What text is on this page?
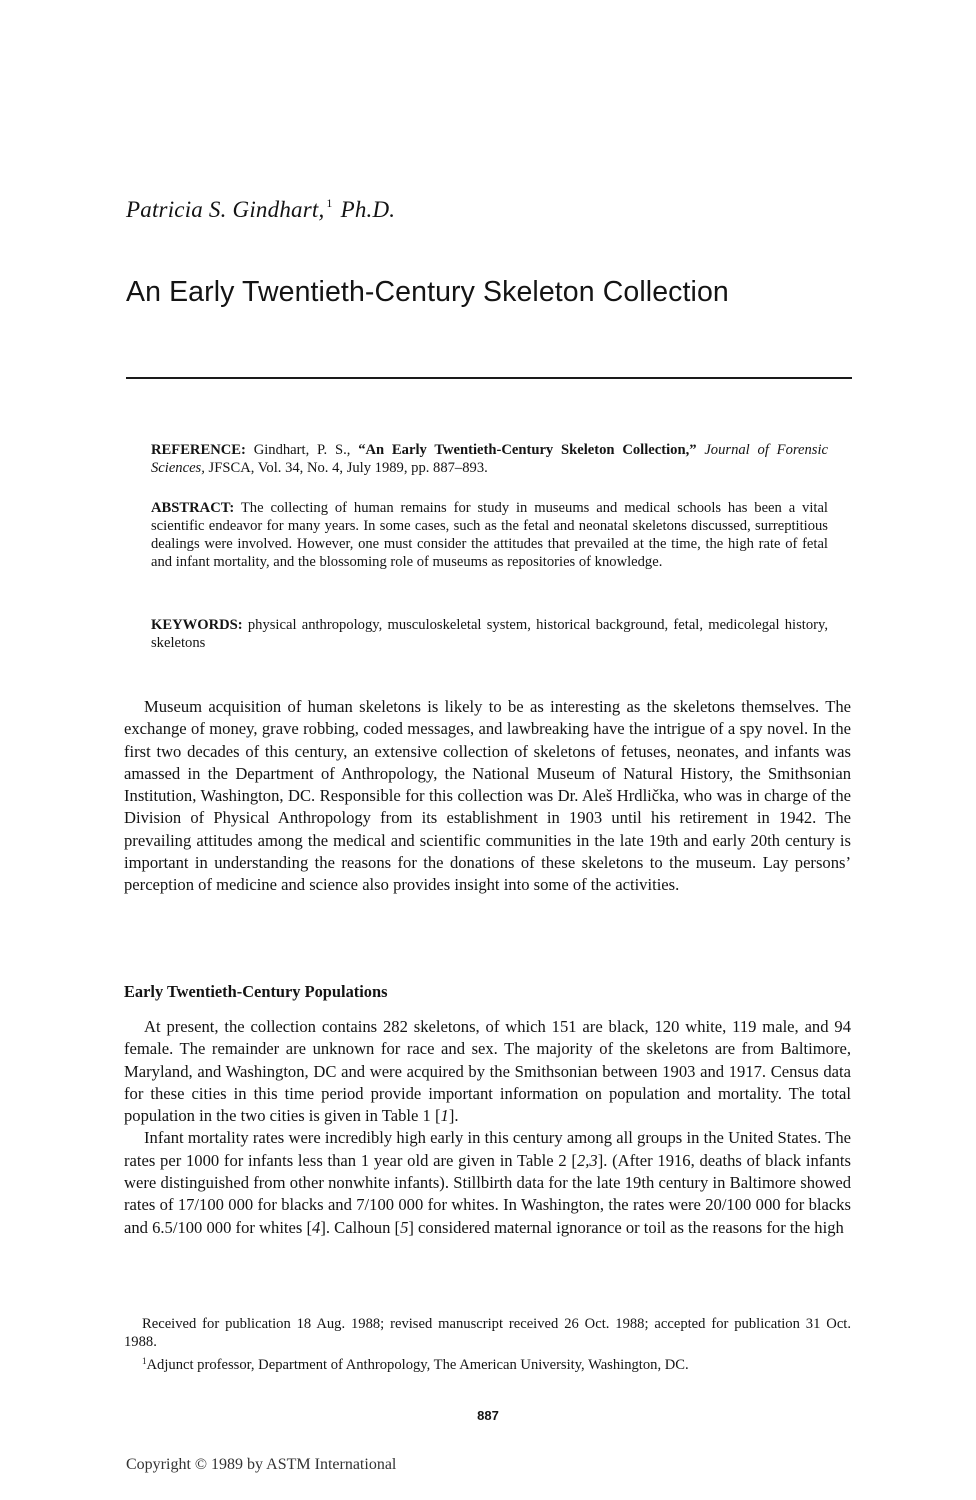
Patricia S. Gindhart, $^1$ Ph.D.
An Early Twentieth-Century Skeleton Collection
REFERENCE: Gindhart, P. S., “An Early Twentieth-Century Skeleton Collection,” Journal of Forensic Sciences, JFSCA, Vol. 34, No. 4, July 1989, pp. 887–893.
ABSTRACT: The collecting of human remains for study in museums and medical schools has been a vital scientific endeavor for many years. In some cases, such as the fetal and neonatal skeletons discussed, surreptitious dealings were involved. However, one must consider the attitudes that prevailed at the time, the high rate of fetal and infant mortality, and the blossoming role of museums as repositories of knowledge.
KEYWORDS: physical anthropology, musculoskeletal system, historical background, fetal, medicolegal history, skeletons

Museum acquisition of human skeletons is likely to be as interesting as the skeletons themselves. The exchange of money, grave robbing, coded messages, and lawbreaking have the intrigue of a spy novel. In the first two decades of this century, an extensive collection of skeletons of fetuses, neonates, and infants was amassed in the Department of Anthropology, the National Museum of Natural History, the Smithsonian Institution, Washington, DC. Responsible for this collection was Dr. Aleš Hrdlička, who was in charge of the Division of Physical Anthropology from its establishment in 1903 until his retirement in 1942. The prevailing attitudes among the medical and scientific communities in the late 19th and early 20th century is important in understanding the reasons for the donations of these skeletons to the museum. Lay persons’ perception of medicine and science also provides insight into some of the activities.

Early Twentieth-Century Populations

At present, the collection contains 282 skeletons, of which 151 are black, 120 white, 119 male, and 94 female. The remainder are unknown for race and sex. The majority of the skeletons are from Baltimore, Maryland, and Washington, DC and were acquired by the Smithsonian between 1903 and 1917. Census data for these cities in this time period provide important information on population and mortality. The total population in the two cities is given in Table 1 [1].

Infant mortality rates were incredibly high early in this century among all groups in the United States. The rates per 1000 for infants less than 1 year old are given in Table 2 [2,3]. (After 1916, deaths of black infants were distinguished from other nonwhite infants). Stillbirth data for the late 19th century in Baltimore showed rates of 17/100 000 for blacks and 7/100 000 for whites. In Washington, the rates were 20/100 000 for blacks and 6.5/100 000 for whites [4]. Calhoun [5] considered maternal ignorance or toil as the reasons for the high

Received for publication 18 Aug. 1988; revised manuscript received 26 Oct. 1988; accepted for publication 31 Oct. 1988.

$^1$Adjunct professor, Department of Anthropology, The American University, Washington, DC.

887
Copyright © 1989 by ASTM International
